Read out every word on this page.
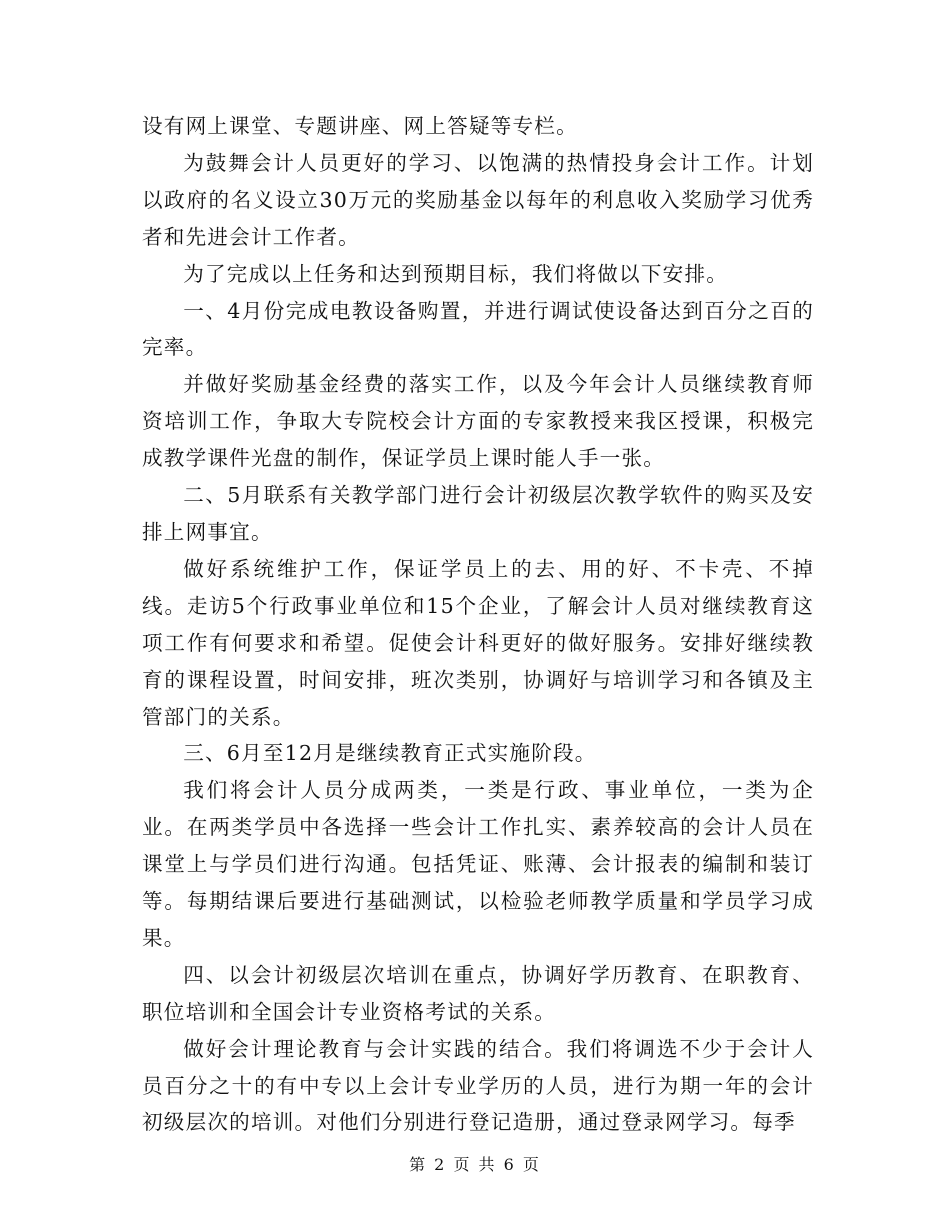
设有网上课堂、专题讲座、网上答疑等专栏。

为鼓舞会计人员更好的学习、以饱满的热情投身会计工作。计划以政府的名义设立30万元的奖励基金以每年的利息收入奖励学习优秀者和先进会计工作者。

为了完成以上任务和达到预期目标，我们将做以下安排。

一、4月份完成电教设备购置，并进行调试使设备达到百分之百的完率。

并做好奖励基金经费的落实工作，以及今年会计人员继续教育师资培训工作，争取大专院校会计方面的专家教授来我区授课，积极完成教学课件光盘的制作，保证学员上课时能人手一张。

二、5月联系有关教学部门进行会计初级层次教学软件的购买及安排上网事宜。

做好系统维护工作，保证学员上的去、用的好、不卡壳、不掉线。走访5个行政事业单位和15个企业，了解会计人员对继续教育这项工作有何要求和希望。促使会计科更好的做好服务。安排好继续教育的课程设置，时间安排，班次类别，协调好与培训学习和各镇及主管部门的关系。

三、6月至12月是继续教育正式实施阶段。

我们将会计人员分成两类，一类是行政、事业单位，一类为企业。在两类学员中各选择一些会计工作扎实、素养较高的会计人员在课堂上与学员们进行沟通。包括凭证、账薄、会计报表的编制和装订等。每期结课后要进行基础测试，以检验老师教学质量和学员学习成果。

四、以会计初级层次培训在重点，协调好学历教育、在职教育、职位培训和全国会计专业资格考试的关系。

做好会计理论教育与会计实践的结合。我们将调选不少于会计人员百分之十的有中专以上会计专业学历的人员，进行为期一年的会计初级层次的培训。对他们分别进行登记造册，通过登录网学习。每季

第 2 页 共 6 页
